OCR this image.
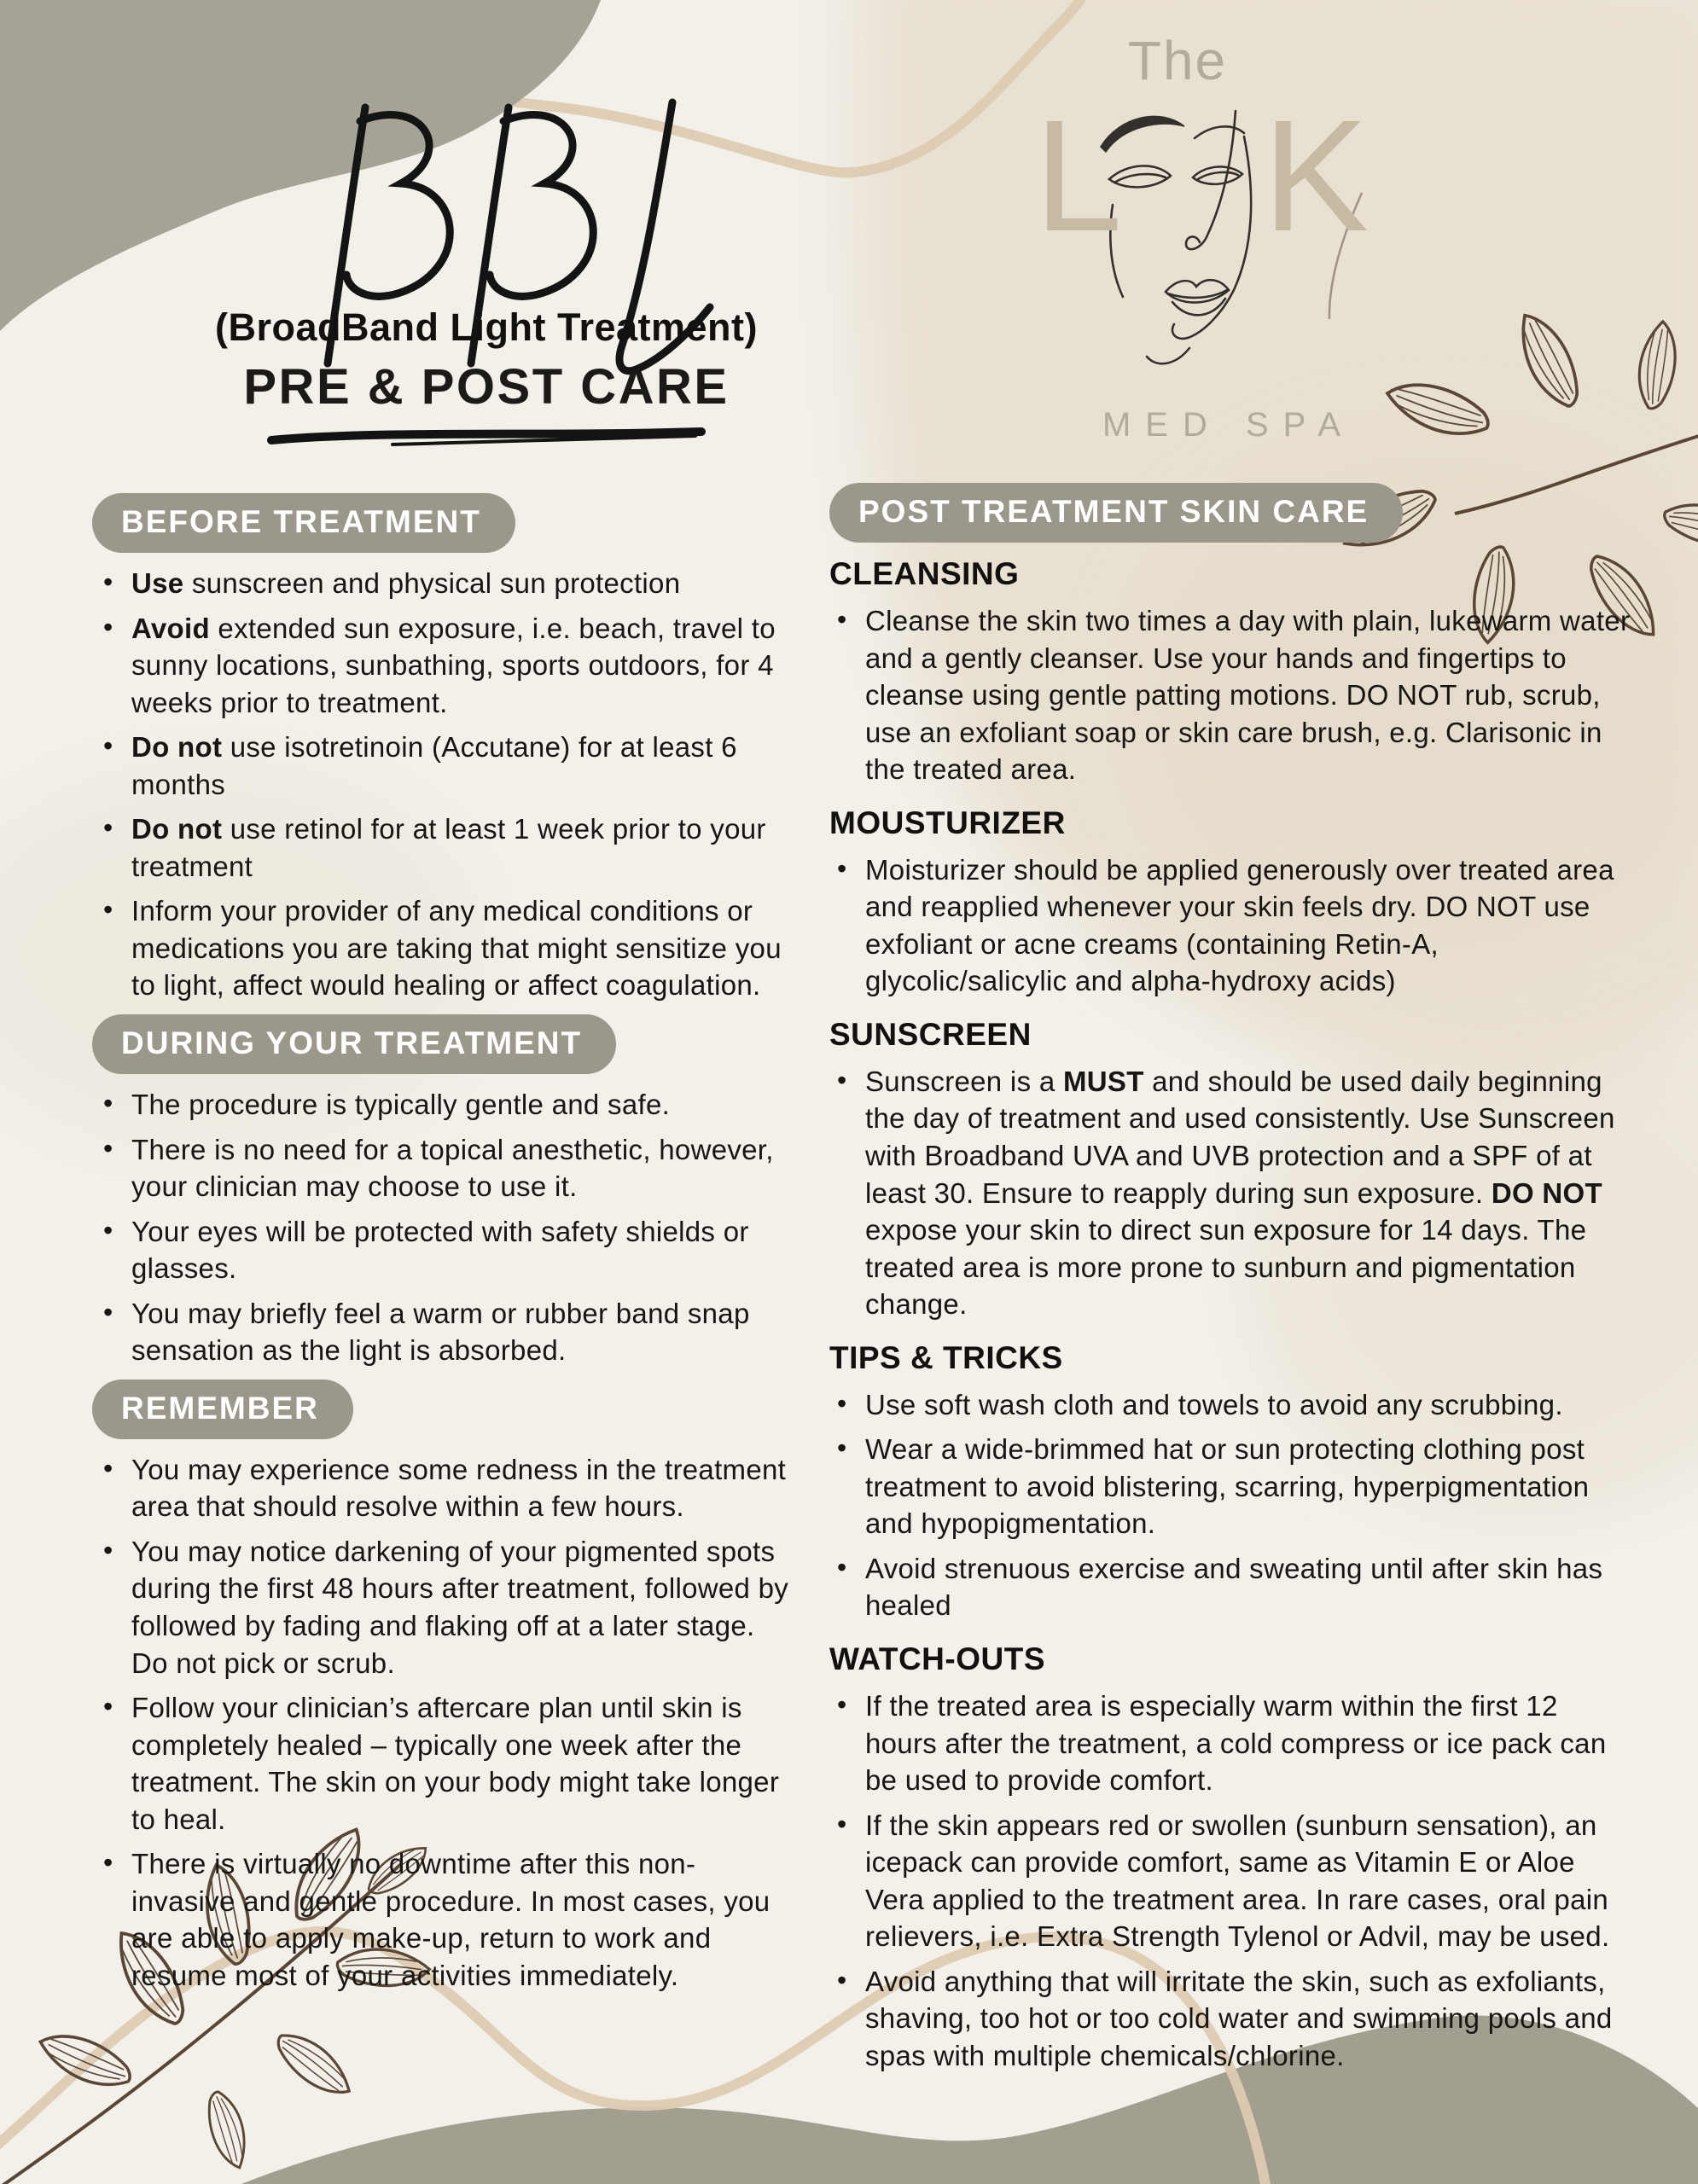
(BroadBand Light Treatment)
PRE & POST CARE
The
L K
MED SPA
BEFORE TREATMENT
• Use sunscreen and physical sun protection
• Avoid extended sun exposure, i.e. beach, travel to sunny locations, sunbathing, sports outdoors, for 4 weeks prior to treatment.
• Do not use isotretinoin (Accutane) for at least 6 months
• Do not use retinol for at least 1 week prior to your treatment
• Inform your provider of any medical conditions or medications you are taking that might sensitize you to light, affect would healing or affect coagulation.
DURING YOUR TREATMENT
• The procedure is typically gentle and safe.
• There is no need for a topical anesthetic, however, your clinician may choose to use it.
• Your eyes will be protected with safety shields or glasses.
• You may briefly feel a warm or rubber band snap sensation as the light is absorbed.
REMEMBER
• You may experience some redness in the treatment area that should resolve within a few hours.
• You may notice darkening of your pigmented spots during the first 48 hours after treatment, followed by followed by fading and flaking off at a later stage. Do not pick or scrub.
• Follow your clinician’s aftercare plan until skin is completely healed – typically one week after the treatment. The skin on your body might take longer to heal.
• There is virtually no downtime after this non-invasive and gentle procedure. In most cases, you are able to apply make-up, return to work and resume most of your activities immediately.
POST TREATMENT SKIN CARE
CLEANSING
• Cleanse the skin two times a day with plain, lukewarm water and a gently cleanser. Use your hands and fingertips to cleanse using gentle patting motions. DO NOT rub, scrub, use an exfoliant soap or skin care brush, e.g. Clarisonic in the treated area.
MOUSTURIZER
• Moisturizer should be applied generously over treated area and reapplied whenever your skin feels dry. DO NOT use exfoliant or acne creams (containing Retin-A, glycolic/salicylic and alpha-hydroxy acids)
SUNSCREEN
• Sunscreen is a MUST and should be used daily beginning the day of treatment and used consistently. Use Sunscreen with Broadband UVA and UVB protection and a SPF of at least 30. Ensure to reapply during sun exposure. DO NOT expose your skin to direct sun exposure for 14 days. The treated area is more prone to sunburn and pigmentation change.
TIPS & TRICKS
• Use soft wash cloth and towels to avoid any scrubbing.
• Wear a wide-brimmed hat or sun protecting clothing post treatment to avoid blistering, scarring, hyperpigmentation and hypopigmentation.
• Avoid strenuous exercise and sweating until after skin has healed
WATCH-OUTS
• If the treated area is especially warm within the first 12 hours after the treatment, a cold compress or ice pack can be used to provide comfort.
• If the skin appears red or swollen (sunburn sensation), an icepack can provide comfort, same as Vitamin E or Aloe Vera applied to the treatment area. In rare cases, oral pain relievers, i.e. Extra Strength Tylenol or Advil, may be used.
• Avoid anything that will irritate the skin, such as exfoliants, shaving, too hot or too cold water and swimming pools and spas with multiple chemicals/chlorine.
